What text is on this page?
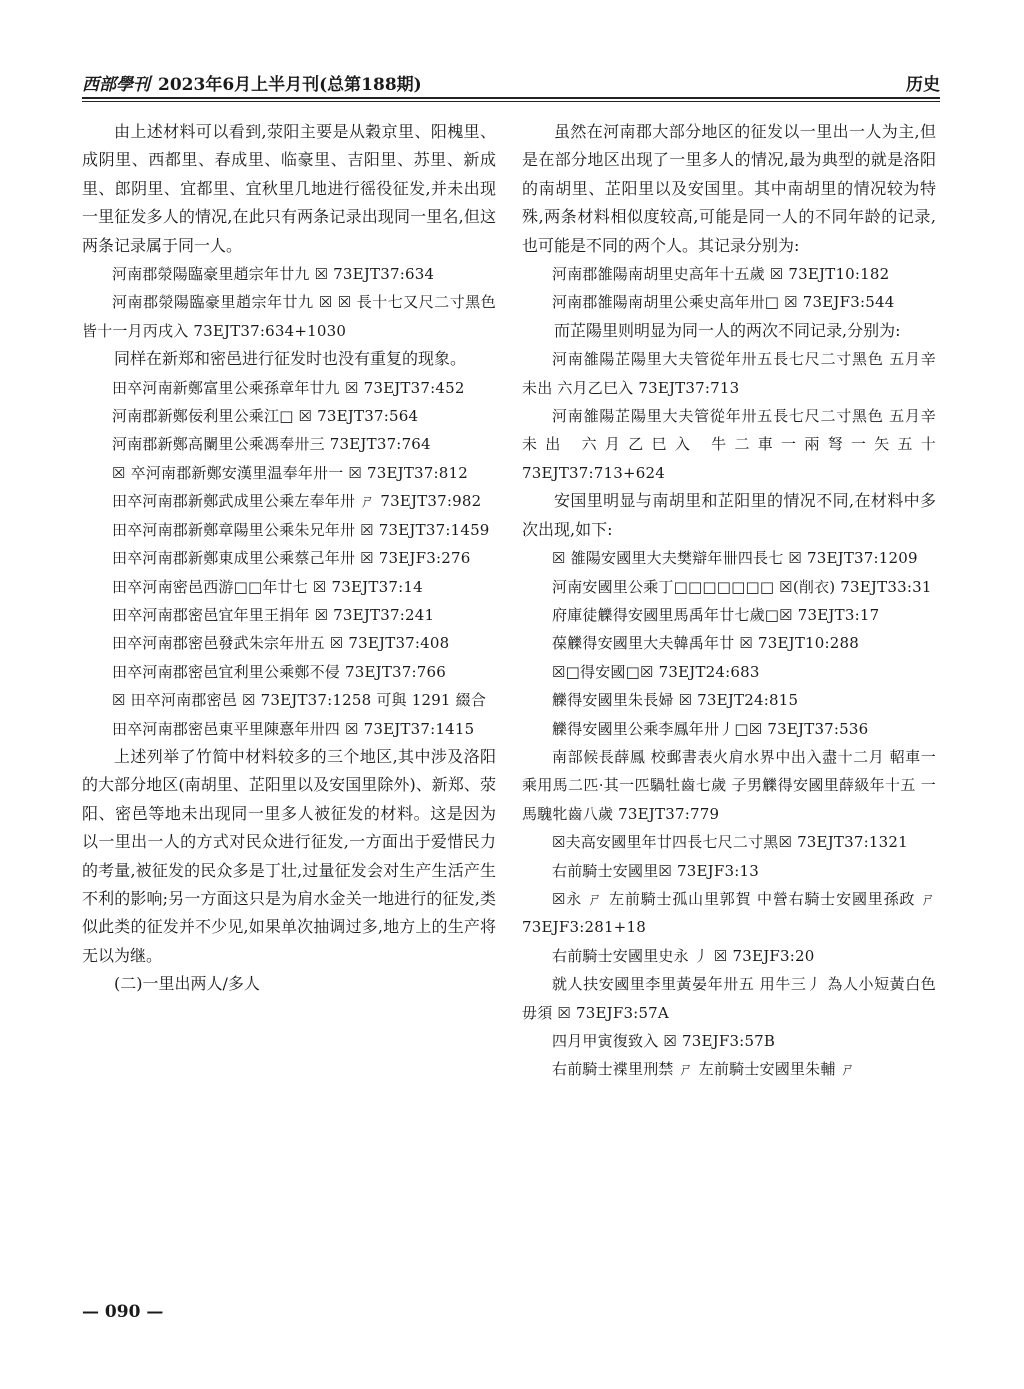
西部學刊 2023年6月上半月刊(总第188期)	历史

由上述材料可以看到,荥阳主要是从穀京里、阳槐里、成阴里、西都里、春成里、临豪里、吉阳里、苏里、新成里、郎阴里、宜都里、宜秋里几地进行徭役征发,并未出现一里征发多人的情况,在此只有两条记录出现同一里名,但这两条记录属于同一人。

河南郡滎陽臨豪里趙宗年廿九 ☒ 73EJT37:634

河南郡滎陽臨豪里趙宗年廿九 ☒ ☒ 長十七又尺二寸黑色 皆十一月丙戌入 73EJT37:634+1030

同样在新郑和密邑进行征发时也没有重复的现象。

田卒河南新鄭富里公乘孫章年廿九 ☒ 73EJT37:452

河南郡新鄭佞利里公乘江□ ☒ 73EJT37:564

河南郡新鄭高闌里公乘馮奉卅三 73EJT37:764

☒ 卒河南郡新鄭安漢里温奉年卅一 ☒ 73EJT37:812

田卒河南郡新鄭武成里公乘左奉年卅 ㄕ 73EJT37:982

田卒河南郡新鄭章陽里公乘朱兄年卅 ☒ 73EJT37:1459

田卒河南郡新鄭東成里公乘蔡己年卅 ☒ 73EJF3:276

田卒河南密邑西游□□年廿七 ☒ 73EJT37:14

田卒河南郡密邑宜年里王捐年 ☒ 73EJT37:241

田卒河南郡密邑發武朱宗年卅五 ☒ 73EJT37:408

田卒河南郡密邑宜利里公乘鄭不侵 73EJT37:766

☒ 田卒河南郡密邑 ☒ 73EJT37:1258 可與 1291 綴合

田卒河南郡密邑東平里陳憙年卅四 ☒ 73EJT37:1415

上述列举了竹简中材料较多的三个地区,其中涉及洛阳的大部分地区(南胡里、芷阳里以及安国里除外)、新郑、荥阳、密邑等地未出现同一里多人被征发的材料。这是因为以一里出一人的方式对民众进行征发,一方面出于爱惜民力的考量,被征发的民众多是丁壮,过量征发会对生产生活产生不利的影响;另一方面这只是为肩水金关一地进行的征发,类似此类的征发并不少见,如果单次抽调过多,地方上的生产将无以为继。

(二)一里出两人/多人

虽然在河南郡大部分地区的征发以一里出一人为主,但是在部分地区出现了一里多人的情况,最为典型的就是洛阳的南胡里、芷阳里以及安国里。其中南胡里的情况较为特殊,两条材料相似度较高,可能是同一人的不同年龄的记录,也可能是不同的两个人。其记录分别为:

河南郡雒陽南胡里史高年十五歲 ☒ 73EJT10:182

河南郡雒陽南胡里公乘史高年卅□ ☒ 73EJF3:544

而芷陽里则明显为同一人的两次不同记录,分别为:

河南雒陽芷陽里大夫管從年卅五長七尺二寸黑色 五月辛未出 六月乙巳入 73EJT37:713

河南雒陽芷陽里大夫管從年卅五長七尺二寸黑色 五月辛未出 六月乙巳入 牛二車一兩弩一矢五十 73EJT37:713+624

安国里明显与南胡里和芷阳里的情况不同,在材料中多次出现,如下:

☒ 雒陽安國里大夫樊辯年卌四長七 ☒ 73EJT37:1209

河南安國里公乘丁□□□□□□□ ☒(削衣) 73EJT33:31

府庫徒觻得安國里馬禹年廿七歲□☒ 73EJT3:17

葆觻得安國里大夫韓禹年廿 ☒ 73EJT10:288

☒□得安國□☒ 73EJT24:683

觻得安國里朱長婦 ☒ 73EJT24:815

觻得安國里公乘李鳳年卅丿□☒ 73EJT37:536

南部候長薛鳳 校郵書表火肩水界中出入盡十二月 軺車一乘用馬二匹·其一匹騧牡齒七歲 子男觻得安國里薛級年十五 一馬騩牝齒八歲 73EJT37:779

☒夫高安國里年廿四長七尺二寸黑☒ 73EJT37:1321

右前騎士安國里☒ 73EJF3:13

☒永 ㄕ 左前騎士孤山里郭賀 中營右騎士安國里孫政 ㄕ 73EJF3:281+18

右前騎士安國里史永 丿 ☒ 73EJF3:20

就人扶安國里李里黃晏年卅五 用牛三丿 為人小短黃白色毋須 ☒ 73EJF3:57A

四月甲寅復致入 ☒ 73EJF3:57B

右前騎士褋里刑禁 ㄕ 左前騎士安國里朱輔 ㄕ

— 090 —
